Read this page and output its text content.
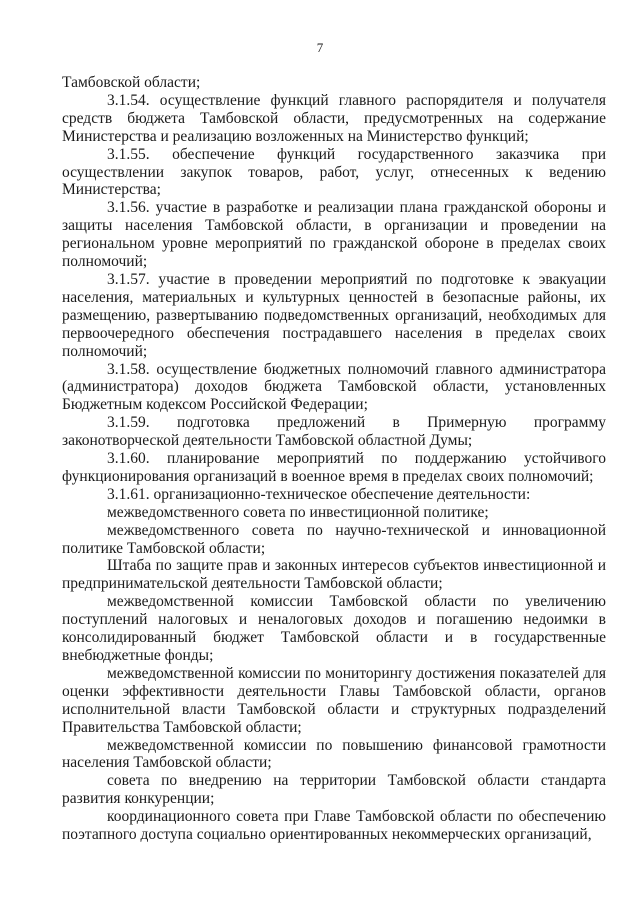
7

Тамбовской области;

3.1.54. осуществление функций главного распорядителя и получателя средств бюджета Тамбовской области, предусмотренных на содержание Министерства и реализацию возложенных на Министерство функций;

3.1.55. обеспечение функций государственного заказчика при осуществлении закупок товаров, работ, услуг, отнесенных к ведению Министерства;

3.1.56. участие в разработке и реализации плана гражданской обороны и защиты населения Тамбовской области, в организации и проведении на региональном уровне мероприятий по гражданской обороне в пределах своих полномочий;

3.1.57. участие в проведении мероприятий по подготовке к эвакуации населения, материальных и культурных ценностей в безопасные районы, их размещению, развертыванию подведомственных организаций, необходимых для первоочередного обеспечения пострадавшего населения в пределах своих полномочий;

3.1.58. осуществление бюджетных полномочий главного администратора (администратора) доходов бюджета Тамбовской области, установленных Бюджетным кодексом Российской Федерации;

3.1.59. подготовка предложений в Примерную программу законотворческой деятельности Тамбовской областной Думы;

3.1.60. планирование мероприятий по поддержанию устойчивого функционирования организаций в военное время в пределах своих полномочий;

3.1.61. организационно-техническое обеспечение деятельности:

межведомственного совета по инвестиционной политике;

межведомственного совета по научно-технической и инновационной политике Тамбовской области;

Штаба по защите прав и законных интересов субъектов инвестиционной и предпринимательской деятельности Тамбовской области;

межведомственной комиссии Тамбовской области по увеличению поступлений налоговых и неналоговых доходов и погашению недоимки в консолидированный бюджет Тамбовской области и в государственные внебюджетные фонды;

межведомственной комиссии по мониторингу достижения показателей для оценки эффективности деятельности Главы Тамбовской области, органов исполнительной власти Тамбовской области и структурных подразделений Правительства Тамбовской области;

межведомственной комиссии по повышению финансовой грамотности населения Тамбовской области;

совета по внедрению на территории Тамбовской области стандарта развития конкуренции;

координационного совета при Главе Тамбовской области по обеспечению поэтапного доступа социально ориентированных некоммерческих организаций,
